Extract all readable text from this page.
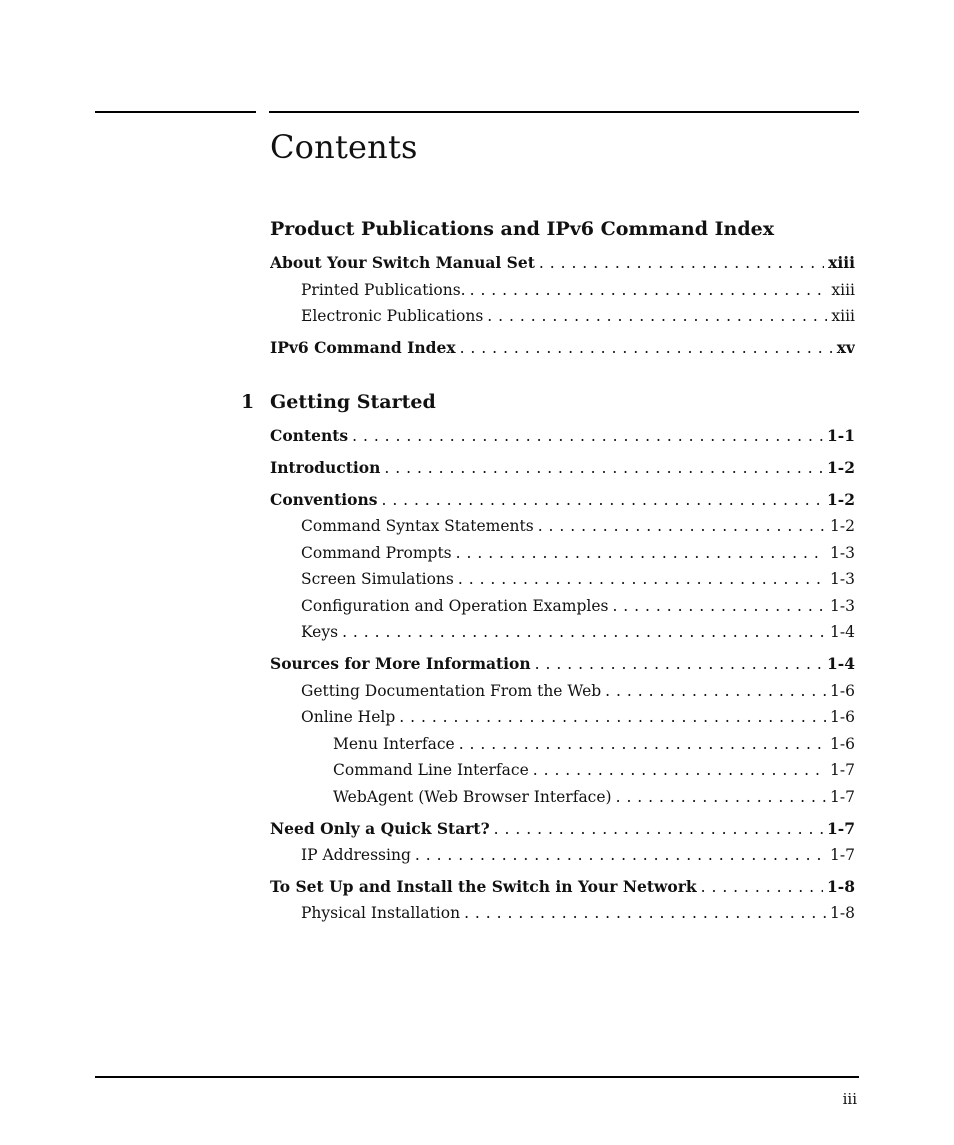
Contents
Product Publications and IPv6 Command Index
About Your Switch Manual Set . . .	xiii
Printed Publications. . . .	xiii
Electronic Publications . . .	xiii
IPv6 Command Index . . .	xv
1 Getting Started
Contents . . .	1-1
Introduction . . .	1-2
Conventions . . .	1-2
Command Syntax Statements . . .	1-2
Command Prompts . . .	1-3
Screen Simulations . . .	1-3
Configuration and Operation Examples . . .	1-3
Keys . . .	1-4
Sources for More Information . . .	1-4
Getting Documentation From the Web . . .	1-6
Online Help . . .	1-6
Menu Interface . . .	1-6
Command Line Interface . . .	1-7
WebAgent (Web Browser Interface) . . .	1-7
Need Only a Quick Start? . . .	1-7
IP Addressing . . .	1-7
To Set Up and Install the Switch in Your Network . . .	1-8
Physical Installation . . .	1-8
iii
